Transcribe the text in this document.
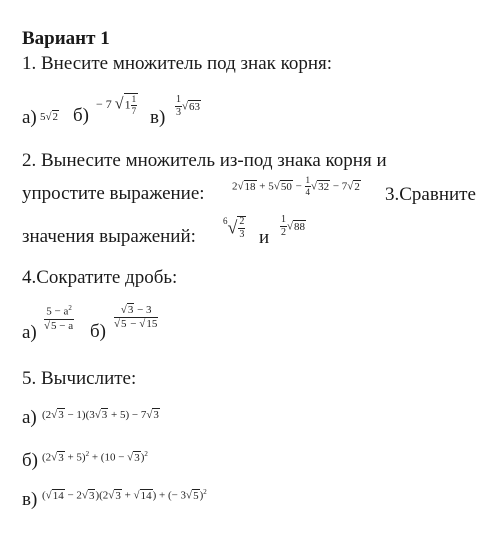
Вариант 1
1. Внесите множитель под знак корня:
а) 5√2 б)
− 7 $√1 \frac{1}{7}$
$в) \frac{1}{3} √63$
2. Вынесите множитель из-под знака корня и
упростите выражение: $2√18 + 5√50 - \frac{1}{4} √32 - 7√2$ 3.Сравните
значения выражений:
$^6√ \frac{2}{3}$ и $\frac{1}{2} √88$
4.Сократите дробь:
а)
$\frac{5 - a^2}{√5 - a} б$)
$\frac{√3 - 3}{√5 - √15}$
5. Вычислите:
а) (2√3 − 1)(3√3 + 5) − 7√3
б) $(2√3 + 5)^2 + (10 - √3)^2$
в) (√14 − 2√3)(2√3 + √14) + (− 3√5)$^2$
